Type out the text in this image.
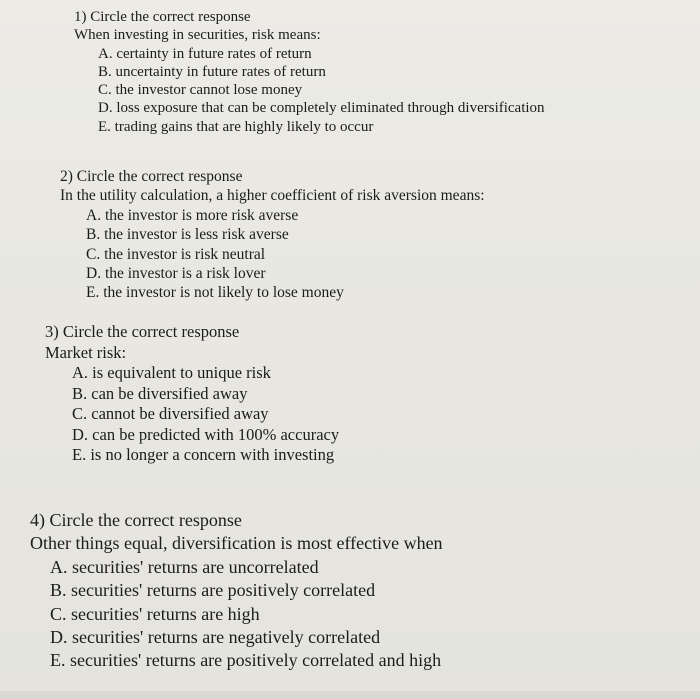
1) Circle the correct response
When investing in securities, risk means:
A. certainty in future rates of return
B. uncertainty in future rates of return
C. the investor cannot lose money
D. loss exposure that can be completely eliminated through diversification
E. trading gains that are highly likely to occur
2) Circle the correct response
In the utility calculation, a higher coefficient of risk aversion means:
A. the investor is more risk averse
B. the investor is less risk averse
C. the investor is risk neutral
D. the investor is a risk lover
E. the investor is not likely to lose money
3) Circle the correct response
Market risk:
A. is equivalent to unique risk
B. can be diversified away
C. cannot be diversified away
D. can be predicted with 100% accuracy
E. is no longer a concern with investing
4) Circle the correct response
Other things equal, diversification is most effective when
A. securities' returns are uncorrelated
B. securities' returns are positively correlated
C. securities' returns are high
D. securities' returns are negatively correlated
E. securities' returns are positively correlated and high
